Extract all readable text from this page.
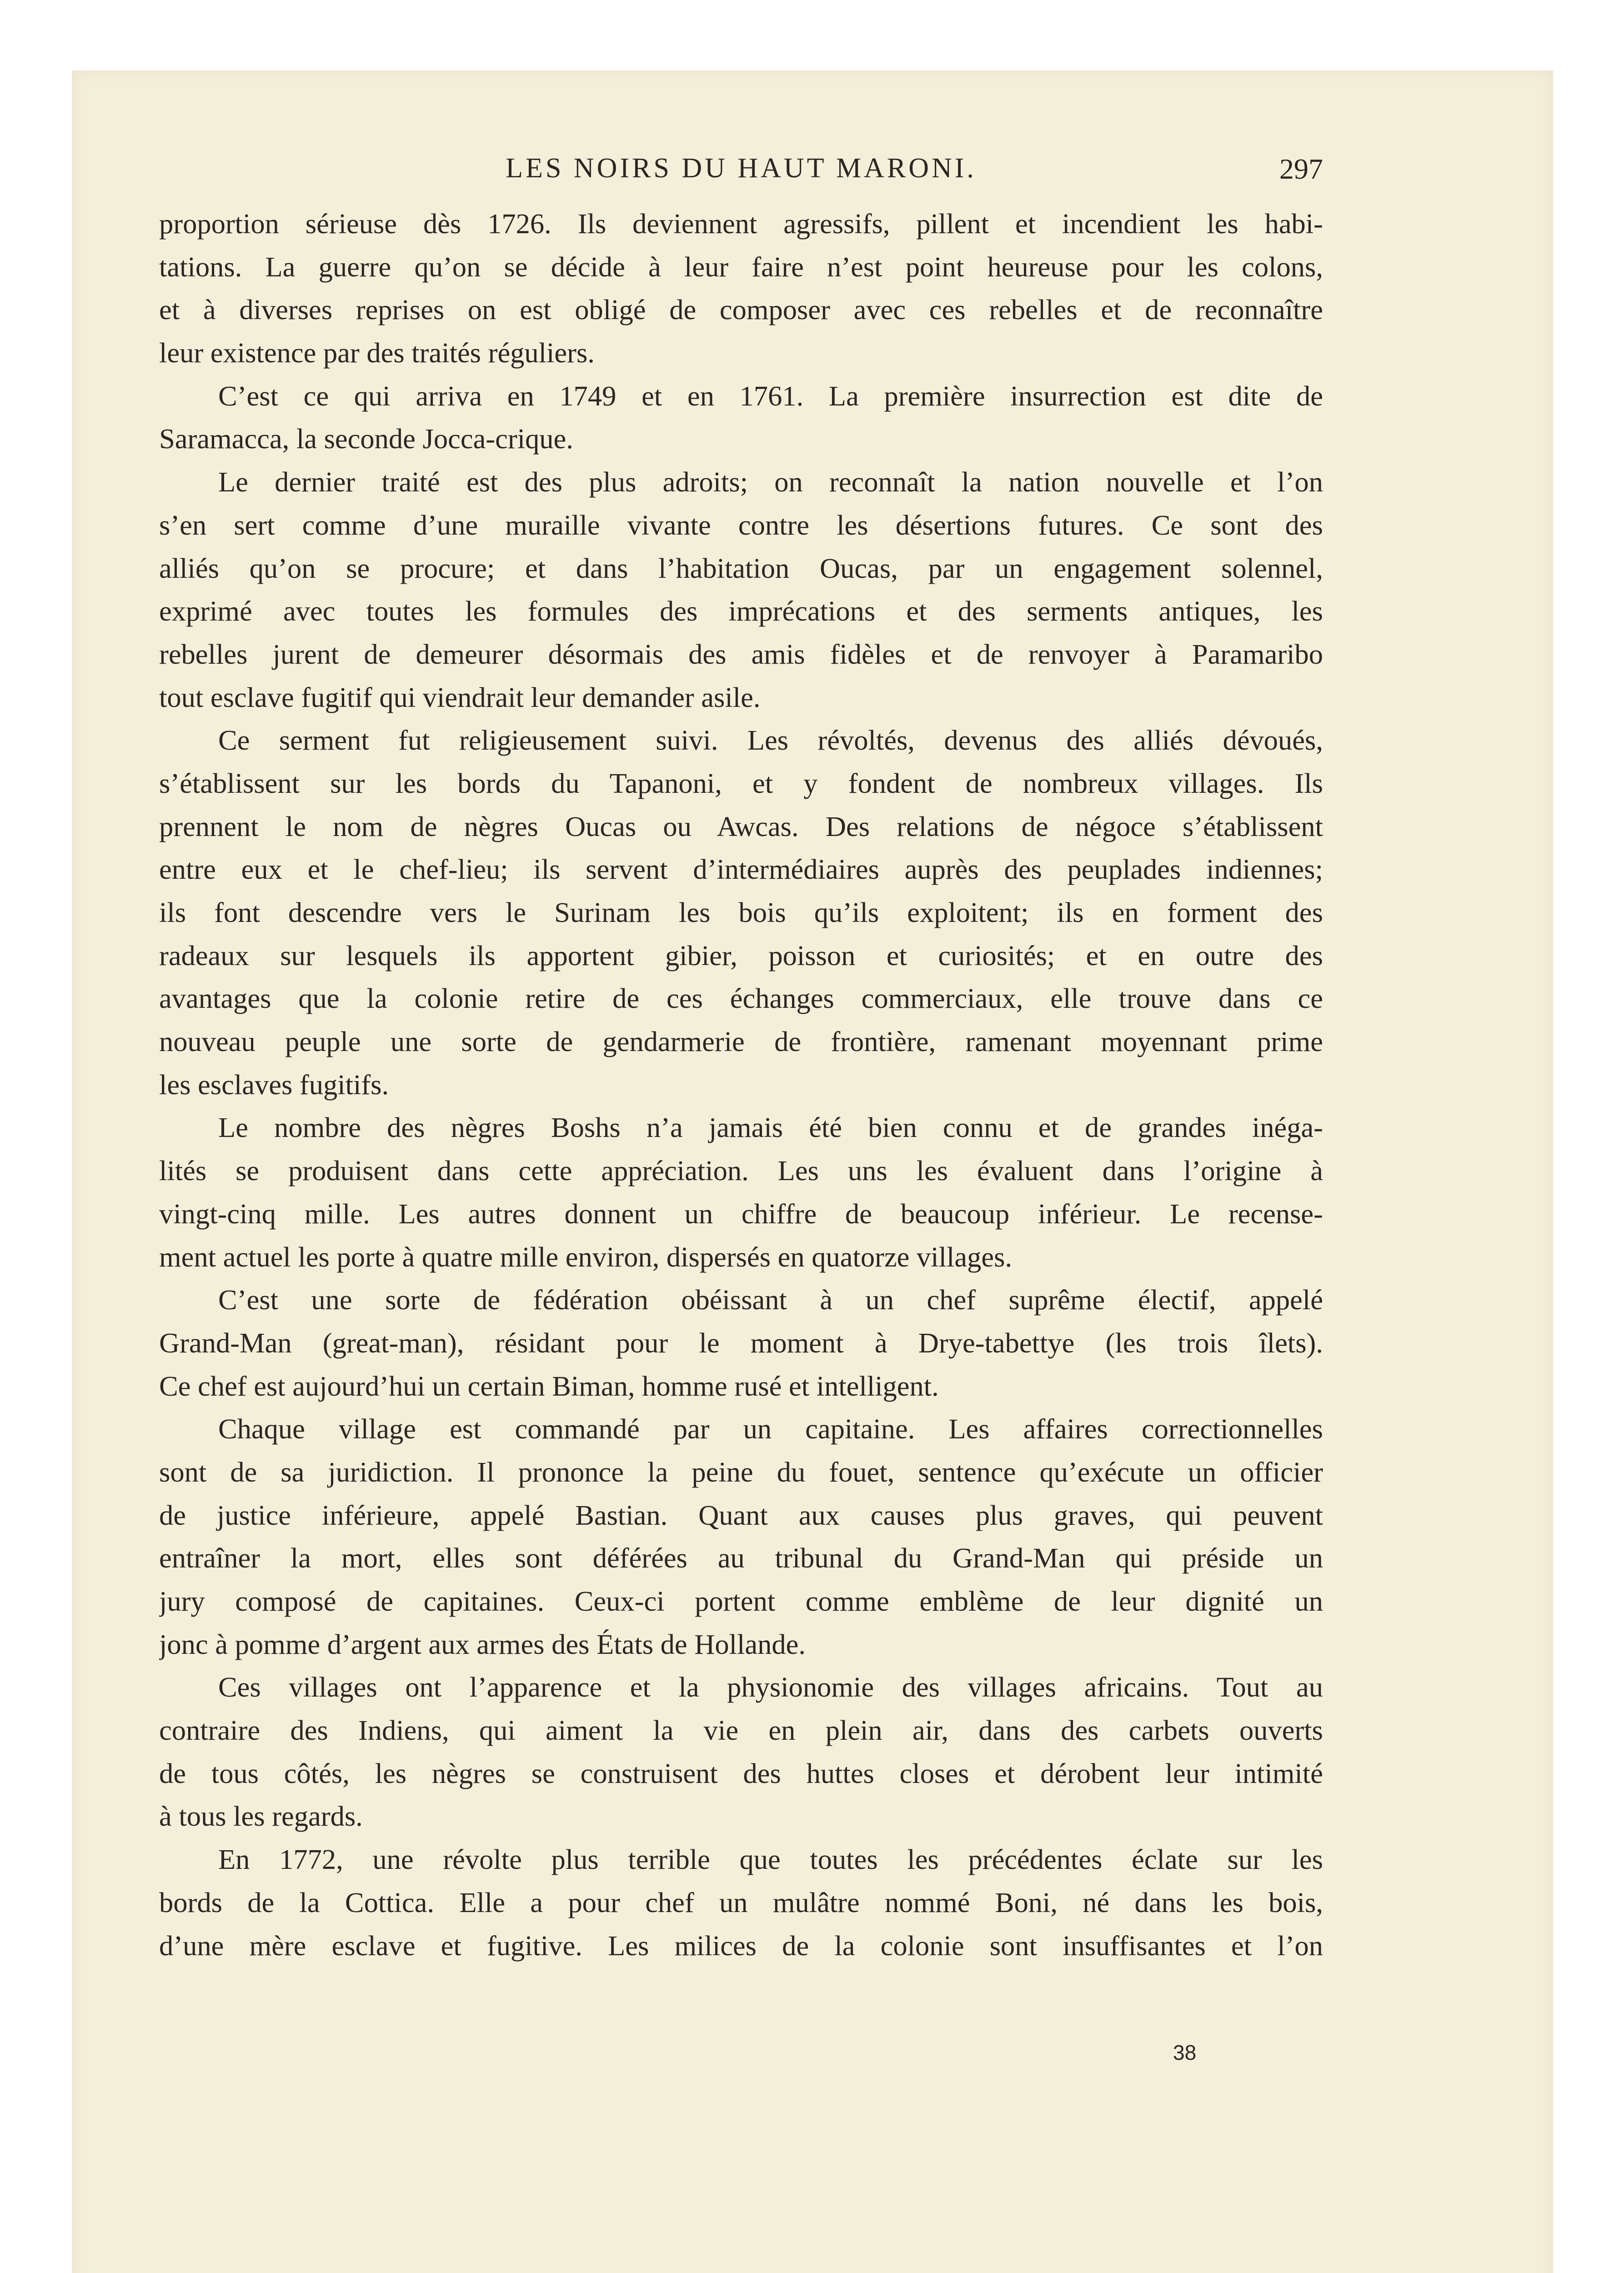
LES NOIRS DU HAUT MARONI.	297
proportion sérieuse dès 1726. Ils deviennent agressifs, pillent et incendient les habi-
tations. La guerre qu’on se décide à leur faire n’est point heureuse pour les colons,
et à diverses reprises on est obligé de composer avec ces rebelles et de reconnaître
leur existence par des traités réguliers.
C’est ce qui arriva en 1749 et en 1761. La première insurrection est dite de
Saramacca, la seconde Jocca-crique.
Le dernier traité est des plus adroits; on reconnaît la nation nouvelle et l’on
s’en sert comme d’une muraille vivante contre les désertions futures. Ce sont des
alliés qu’on se procure; et dans l’habitation Oucas, par un engagement solennel,
exprimé avec toutes les formules des imprécations et des serments antiques, les
rebelles jurent de demeurer désormais des amis fidèles et de renvoyer à Paramaribo
tout esclave fugitif qui viendrait leur demander asile.
Ce serment fut religieusement suivi. Les révoltés, devenus des alliés dévoués,
s’établissent sur les bords du Tapanoni, et y fondent de nombreux villages. Ils
prennent le nom de nègres Oucas ou Awcas. Des relations de négoce s’établissent
entre eux et le chef-lieu; ils servent d’intermédiaires auprès des peuplades indiennes;
ils font descendre vers le Surinam les bois qu’ils exploitent; ils en forment des
radeaux sur lesquels ils apportent gibier, poisson et curiosités; et en outre des
avantages que la colonie retire de ces échanges commerciaux, elle trouve dans ce
nouveau peuple une sorte de gendarmerie de frontière, ramenant moyennant prime
les esclaves fugitifs.
Le nombre des nègres Boshs n’a jamais été bien connu et de grandes inéga-
lités se produisent dans cette appréciation. Les uns les évaluent dans l’origine à
vingt-cinq mille. Les autres donnent un chiffre de beaucoup inférieur. Le recense-
ment actuel les porte à quatre mille environ, dispersés en quatorze villages.
C’est une sorte de fédération obéissant à un chef suprême électif, appelé
Grand-Man (great-man), résidant pour le moment à Drye-tabettye (les trois îlets).
Ce chef est aujourd’hui un certain Biman, homme rusé et intelligent.
Chaque village est commandé par un capitaine. Les affaires correctionnelles
sont de sa juridiction. Il prononce la peine du fouet, sentence qu’exécute un officier
de justice inférieure, appelé Bastian. Quant aux causes plus graves, qui peuvent
entraîner la mort, elles sont déférées au tribunal du Grand-Man qui préside un
jury composé de capitaines. Ceux-ci portent comme emblème de leur dignité un
jonc à pomme d’argent aux armes des États de Hollande.
Ces villages ont l’apparence et la physionomie des villages africains. Tout au
contraire des Indiens, qui aiment la vie en plein air, dans des carbets ouverts
de tous côtés, les nègres se construisent des huttes closes et dérobent leur intimité
à tous les regards.
En 1772, une révolte plus terrible que toutes les précédentes éclate sur les
bords de la Cottica. Elle a pour chef un mulâtre nommé Boni, né dans les bois,
d’une mère esclave et fugitive. Les milices de la colonie sont insuffisantes et l’on
38
